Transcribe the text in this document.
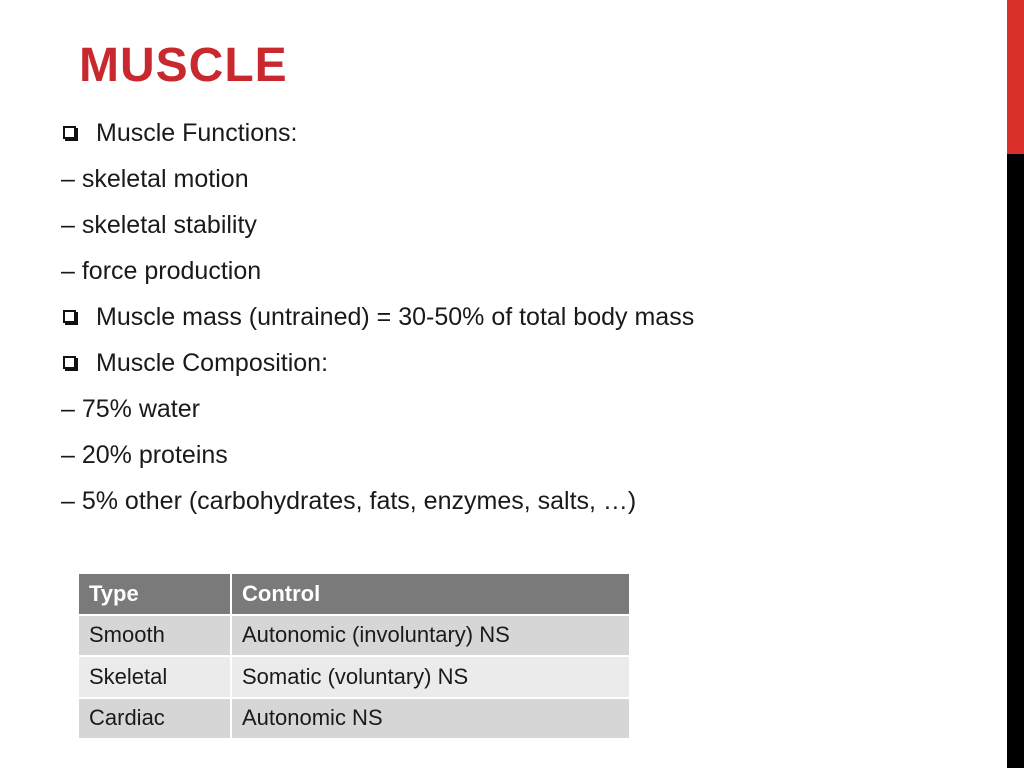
MUSCLE
Muscle Functions:
– skeletal motion
– skeletal stability
– force production
Muscle mass (untrained) = 30-50% of total body mass
Muscle Composition:
– 75% water
– 20% proteins
– 5% other (carbohydrates, fats, enzymes, salts, …)
Type	Control
Smooth	Autonomic (involuntary) NS
Skeletal	Somatic (voluntary) NS
Cardiac	Autonomic NS
